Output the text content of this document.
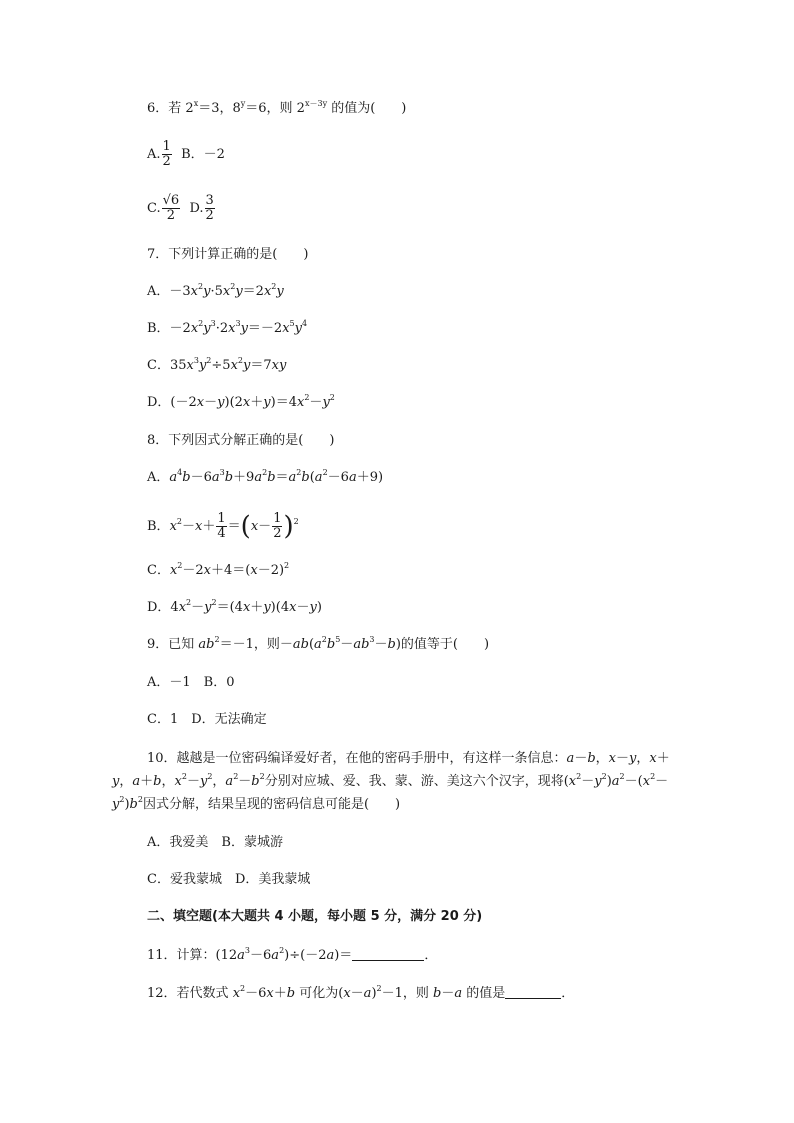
6．若 $2^x=3$，$8^y=6$，则 $2^{x-3y}$ 的值为(　　)
A. $\frac{1}{2}$ B．－2
C. $\frac{√6}{2} D$. $\frac{3}{2}$
7．下列计算正确的是(　　)
A．$-3x^2y\cdot 5x^2y=2x^2y$
B．$-2x^2y^3\cdot 2x^3y=-2x^5y^4$
C．$35x^3y^2\div 5x^2y=7xy$
D．$(-2x-y)(2x+y)=4x^2-y^2$
8．下列因式分解正确的是(　　)
A．$a^4b-6a^3b+9a^2b=a^2b(a^2-6a+9)$
B．$x^2-x+ \frac{1}{4} =(x- \frac{1}{2} )^2$
C．$x^2-2x+4=(x-2)^2$
D．$4x^2-y^2=(4x+y)(4x-y)$
9．已知 $ab^2=-1$，则$-ab(a^2b^5-ab^3-b)$的值等于(　　)
A．－1　B．0
C．1　D．无法确定
10．越越是一位密码编译爱好者，在他的密码手册中，有这样一条信息：a－b，x－y，x＋y，a＋b，$x^2-y^2$，$a^2-b^2$分别对应城、爱、我、蒙、游、美这六个汉字，现将$(x^2-y^2)a^2-(x^2-y^2)b^2$因式分解，结果呈现的密码信息可能是(　　)
A．我爱美　B．蒙城游
C．爱我蒙城　D．美我蒙城
二、填空题(本大题共 4 小题，每小题 5 分，满分 20 分)
11．计算：$(12a^3-6a^2)\div(-2a)=$	．
12．若代数式 $x^2-6x+b$ 可化为$(x-a)^2-1$，则 b－a 的值是	．
